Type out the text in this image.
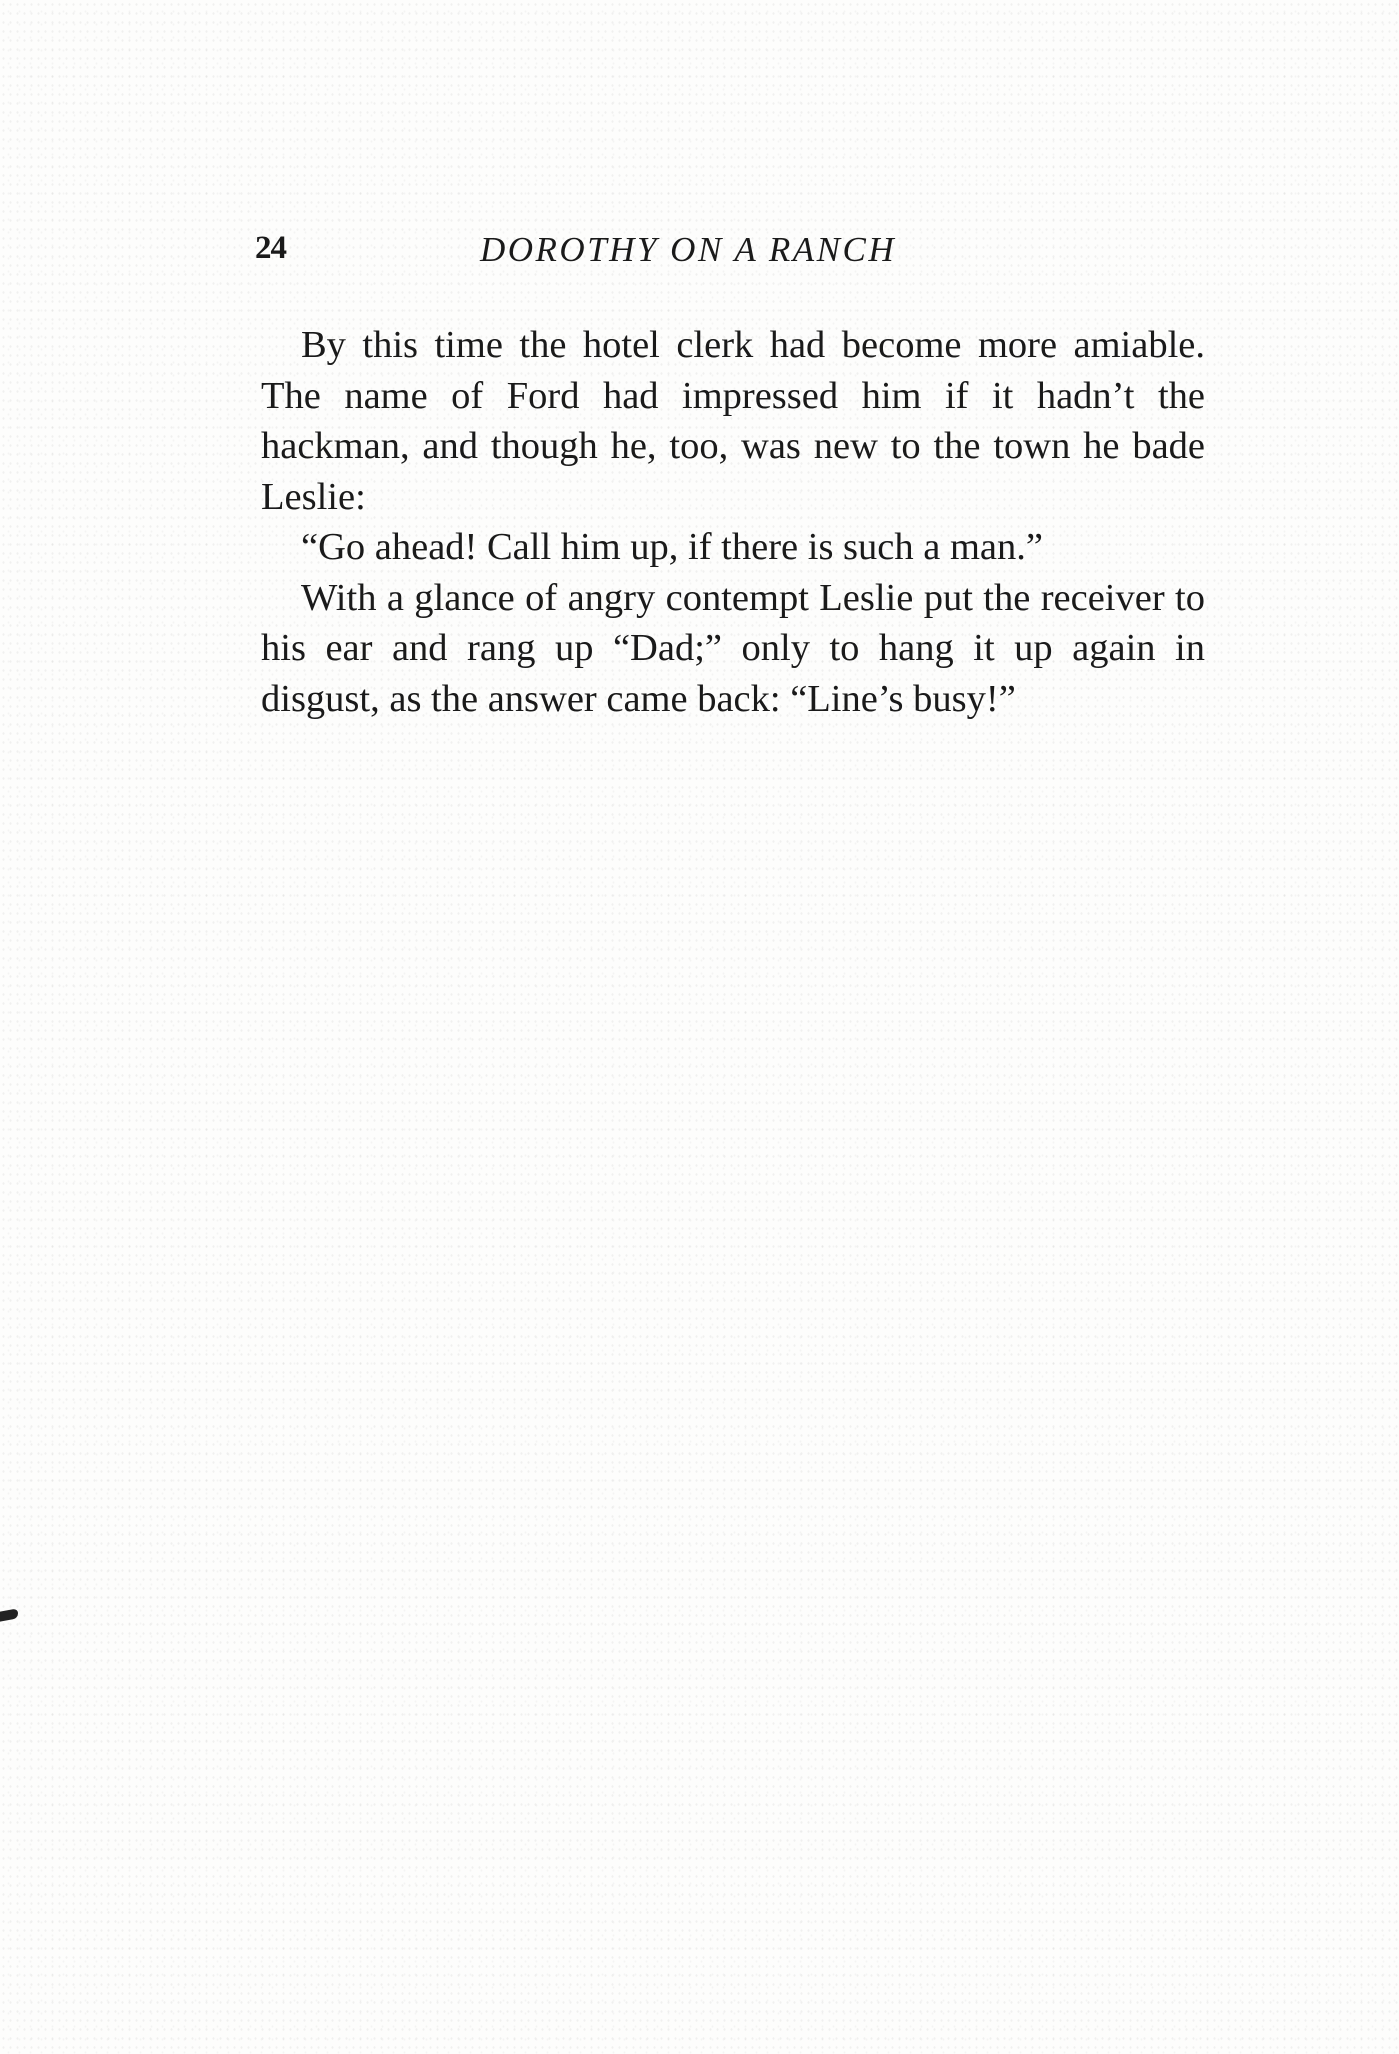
24	DOROTHY ON A RANCH

By this time the hotel clerk had become more amiable. The name of Ford had impressed him if it hadn’t the hackman, and though he, too, was new to the town he bade Leslie:

“Go ahead! Call him up, if there is such a man.”

With a glance of angry contempt Leslie put the receiver to his ear and rang up “Dad;” only to hang it up again in disgust, as the answer came back: “Line’s busy!”
